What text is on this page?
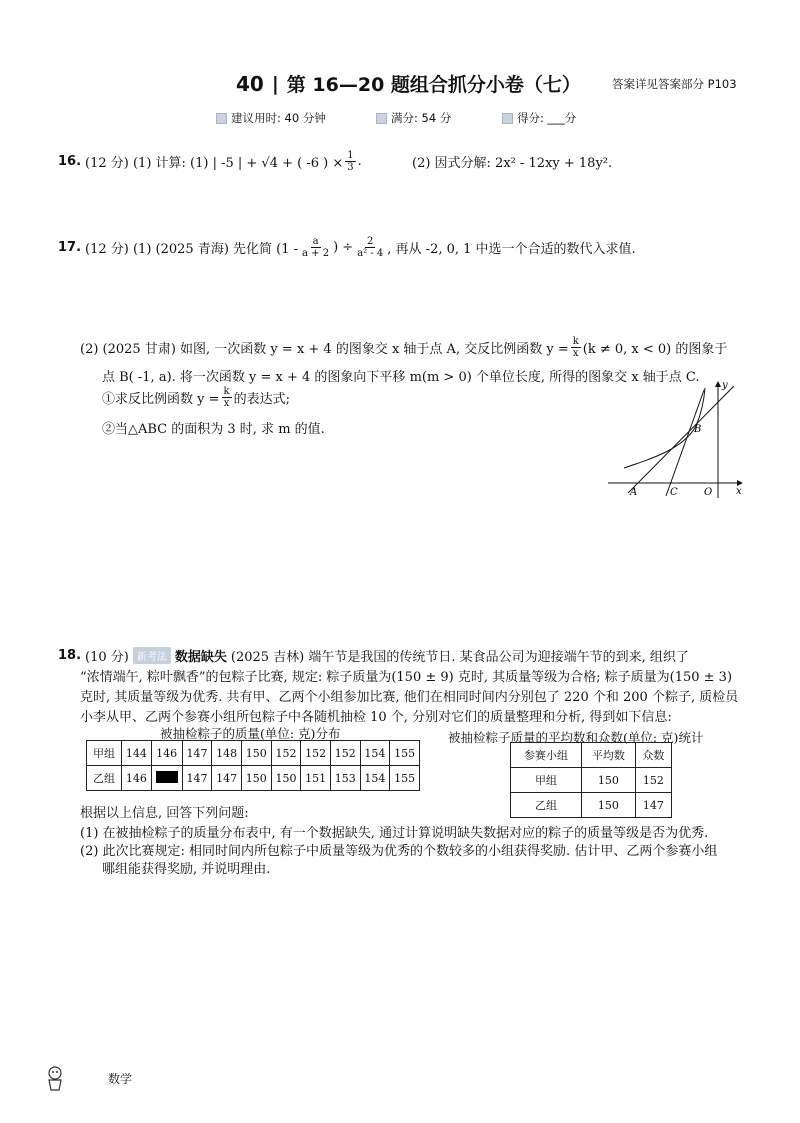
40 | 第 16—20 题组合抓分小卷（七）	答案详见答案部分 P103
建议用时: 40 分钟	满分: 54 分	得分: ___分
16. (12 分) (1) 计算: (1) | -5 | + √4 + ( -6 ) × $\frac{1}{3}$ .	(2) 因式分解: 2x² - 12xy + 18y².
17. (12 分) (1) (2025 青海) 先化简 ($1 - \frac{a}{a + 2}$ ) ÷ $\frac{2}{\text{a² - 4}}$ , 再从 -2, 0, 1 中选一个合适的数代入求值.
(2) (2025 甘肃) 如图, 一次函数 y = x + 4 的图象交 x 轴于点 A, 交反比例函数 $y = \frac{k}{x} (k \ne 0$, x < 0) 的图象于
点 B( -1, a). 将一次函数 y = x + 4 的图象向下平移 m(m > 0) 个单位长度, 所得的图象交 x 轴于点 C.
①求反比例函数 $y = \frac{k}{x}$ 的表达式;
②当△ABC 的面积为 3 时, 求 m 的值.
y
x
A
B
C	O
18. (10 分) 新考法 数据缺失 (2025 吉林) 端午节是我国的传统节日. 某食品公司为迎接端午节的到来, 组织了
“浓情端午, 粽叶飘香”的包粽子比赛, 规定: 粽子质量为(150 ± 9) 克时, 其质量等级为合格; 粽子质量为(150 ± 3)
克时, 其质量等级为优秀. 共有甲、乙两个小组参加比赛, 他们在相同时间内分别包了 220 个和 200 个粽子, 质检员
小李从甲、乙两个参赛小组所包粽子中各随机抽检 10 个, 分别对它们的质量整理和分析, 得到如下信息:
被抽检粽子的质量(单位: 克)分布	被抽检粽子质量的平均数和众数(单位: 克)统计
甲组	144	146	147	148	150	152	152	152	154	155
乙组	146		147	147	150	150	151	153	154	155
参赛小组	平均数	众数
甲组	150	152
乙组	150	147
根据以上信息, 回答下列问题:
(1) 在被抽检粽子的质量分布表中, 有一个数据缺失, 通过计算说明缺失数据对应的粽子的质量等级是否为优秀.
(2) 此次比赛规定: 相同时间内所包粽子中质量等级为优秀的个数较多的小组获得奖励. 估计甲、乙两个参赛小组
哪组能获得奖励, 并说明理由.
数学
